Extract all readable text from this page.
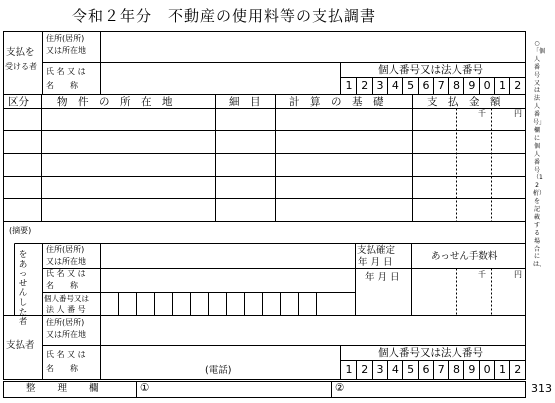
令和２年分　不動産の使用料等の支払調書
支払を
受ける者
住所(居所)
又は所在地
氏 名 又 は
名　　称
個人番号又は法人番号
1 2 3 4 5 6 7 8 9 0 1 2
区分	物　件　の　所　在　地	細　目	計　算　の　基　礎	支　払　金　額
千	円
(摘要)
をあっせんした者
住所(居所)
又は所在地
氏 名 又 は
名　　称
個人番号又は
法 人 番 号
支払確定
年 月 日
あっせん手数料
年 月 日	千	円
支払者
住所(居所)
又は所在地
氏 名 又 は
名　　称	(電話)
個人番号又は法人番号
1 2 3 4 5 6 7 8 9 0 1 2
整　　理　　欄	①	②	313
○「個人番号又は法人番号」欄に個人番号（12桁）を記載する場合には、
